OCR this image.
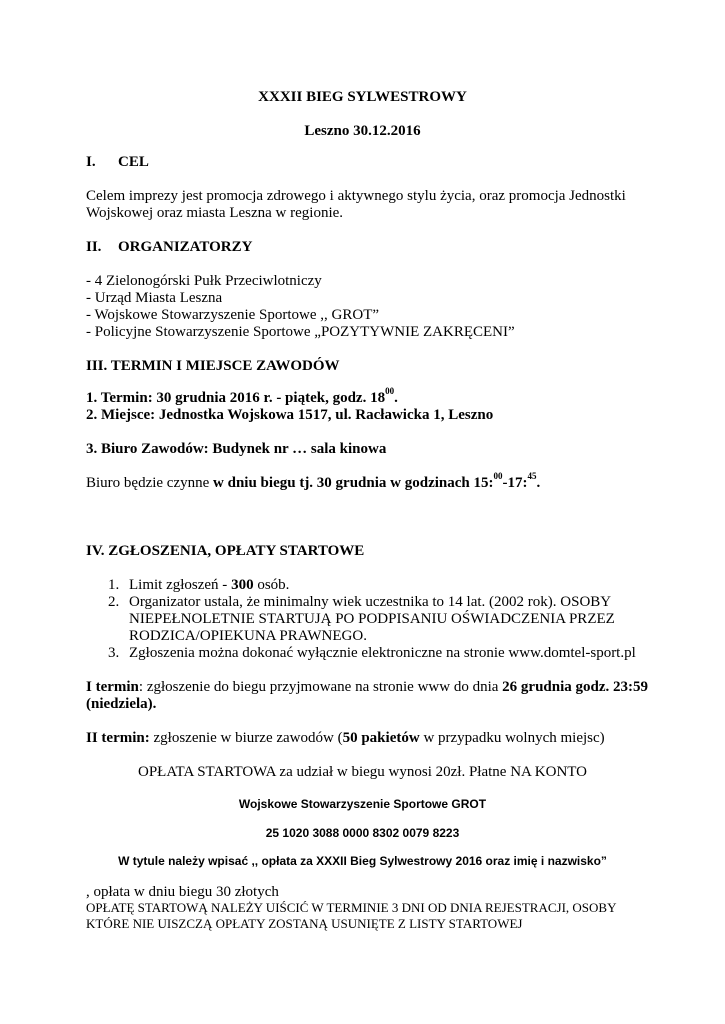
XXXII BIEG SYLWESTROWY
Leszno 30.12.2016
I. CEL
Celem imprezy jest promocja zdrowego i aktywnego stylu życia, oraz promocja Jednostki
Wojskowej oraz miasta Leszna w regionie.
II. ORGANIZATORZY
- 4 Zielonogórski Pułk Przeciwlotniczy
- Urząd Miasta Leszna
- Wojskowe Stowarzyszenie Sportowe ,, GROT”
- Policyjne Stowarzyszenie Sportowe „POZYTYWNIE ZAKRĘCENI”
III. TERMIN I MIEJSCE ZAWODÓW
1. Termin: 30 grudnia 2016 r. - piątek, godz. $18^{00}$.
2. Miejsce: Jednostka Wojskowa 1517, ul. Racławicka 1, Leszno
3. Biuro Zawodów: Budynek nr … sala kinowa
Biuro będzie czynne w dniu biegu tj. 30 grudnia w godzinach 15:$^{00}$-17:$^{45}$.
IV. ZGŁOSZENIA, OPŁATY STARTOWE
1. Limit zgłoszeń - 300 osób.
2. Organizator ustala, że minimalny wiek uczestnika to 14 lat. (2002 rok). OSOBY
NIEPEŁNOLETNIE STARTUJĄ PO PODPISANIU OŚWIADCZENIA PRZEZ
RODZICA/OPIEKUNA PRAWNEGO.
3. Zgłoszenia można dokonać wyłącznie elektroniczne na stronie www.domtel-sport.pl
I termin: zgłoszenie do biegu przyjmowane na stronie www do dnia 26 grudnia godz. 23:59
(niedziela).
II termin: zgłoszenie w biurze zawodów (50 pakietów w przypadku wolnych miejsc)
OPŁATA STARTOWA za udział w biegu wynosi 20zł. Płatne NA KONTO
Wojskowe Stowarzyszenie Sportowe GROT
25 1020 3088 0000 8302 0079 8223
W tytule należy wpisać ,, opłata za XXXII Bieg Sylwestrowy 2016 oraz imię i nazwisko”
, opłata w dniu biegu 30 złotych
OPŁATĘ STARTOWĄ NALEŻY UIŚCIĆ W TERMINIE 3 DNI OD DNIA REJESTRACJI, OSOBY
KTÓRE NIE UISZCZĄ OPŁATY ZOSTANĄ USUNIĘTE Z LISTY STARTOWEJ
